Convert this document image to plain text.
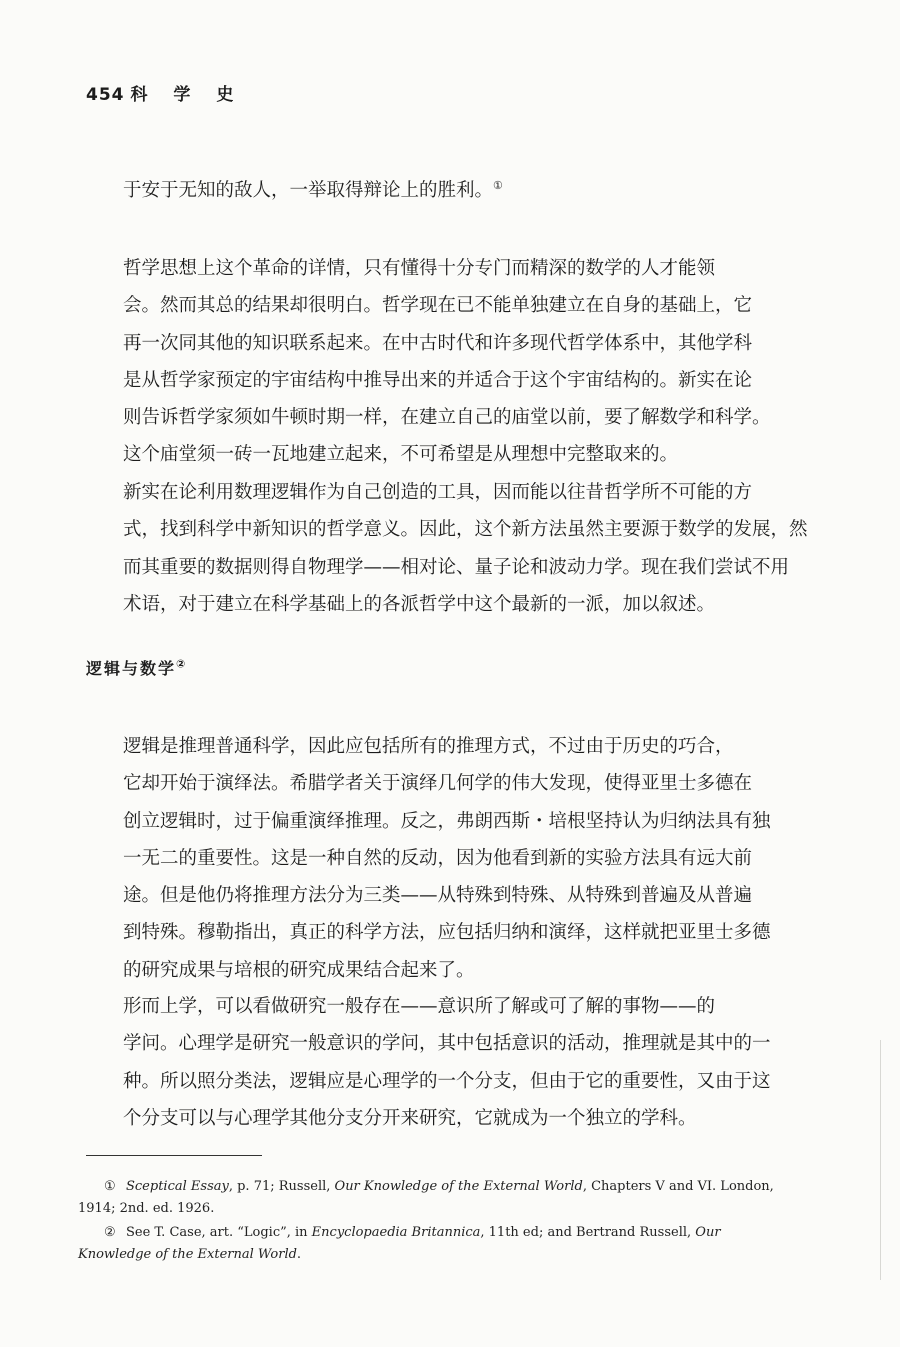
454 科 学 史

于安于无知的敌人，一举取得辩论上的胜利。①

哲学思想上这个革命的详情，只有懂得十分专门而精深的数学的人才能领
会。然而其总的结果却很明白。哲学现在已不能单独建立在自身的基础上，它
再一次同其他的知识联系起来。在中古时代和许多现代哲学体系中，其他学科
是从哲学家预定的宇宙结构中推导出来的并适合于这个宇宙结构的。新实在论
则告诉哲学家须如牛顿时期一样，在建立自己的庙堂以前，要了解数学和科学。
这个庙堂须一砖一瓦地建立起来，不可希望是从理想中完整取来的。

新实在论利用数理逻辑作为自己创造的工具，因而能以往昔哲学所不可能的方
式，找到科学中新知识的哲学意义。因此，这个新方法虽然主要源于数学的发展，然
而其重要的数据则得自物理学——相对论、量子论和波动力学。现在我们尝试不用
术语，对于建立在科学基础上的各派哲学中这个最新的一派，加以叙述。

逻辑与数学②

逻辑是推理普通科学，因此应包括所有的推理方式，不过由于历史的巧合，
它却开始于演绎法。希腊学者关于演绎几何学的伟大发现，使得亚里士多德在
创立逻辑时，过于偏重演绎推理。反之，弗朗西斯・培根坚持认为归纳法具有独
一无二的重要性。这是一种自然的反动，因为他看到新的实验方法具有远大前
途。但是他仍将推理方法分为三类——从特殊到特殊、从特殊到普遍及从普遍
到特殊。穆勒指出，真正的科学方法，应包括归纳和演绎，这样就把亚里士多德
的研究成果与培根的研究成果结合起来了。

形而上学，可以看做研究一般存在——意识所了解或可了解的事物——的
学问。心理学是研究一般意识的学问，其中包括意识的活动，推理就是其中的一
种。所以照分类法，逻辑应是心理学的一个分支，但由于它的重要性，又由于这
个分支可以与心理学其他分支分开来研究，它就成为一个独立的学科。

① Sceptical Essay, p. 71; Russell, Our Knowledge of the External World, Chapters V and VI. London,
1914; 2nd. ed. 1926.

② See T. Case, art. “Logic”, in Encyclopaedia Britannica, 11th ed; and Bertrand Russell, Our
Knowledge of the External World.
